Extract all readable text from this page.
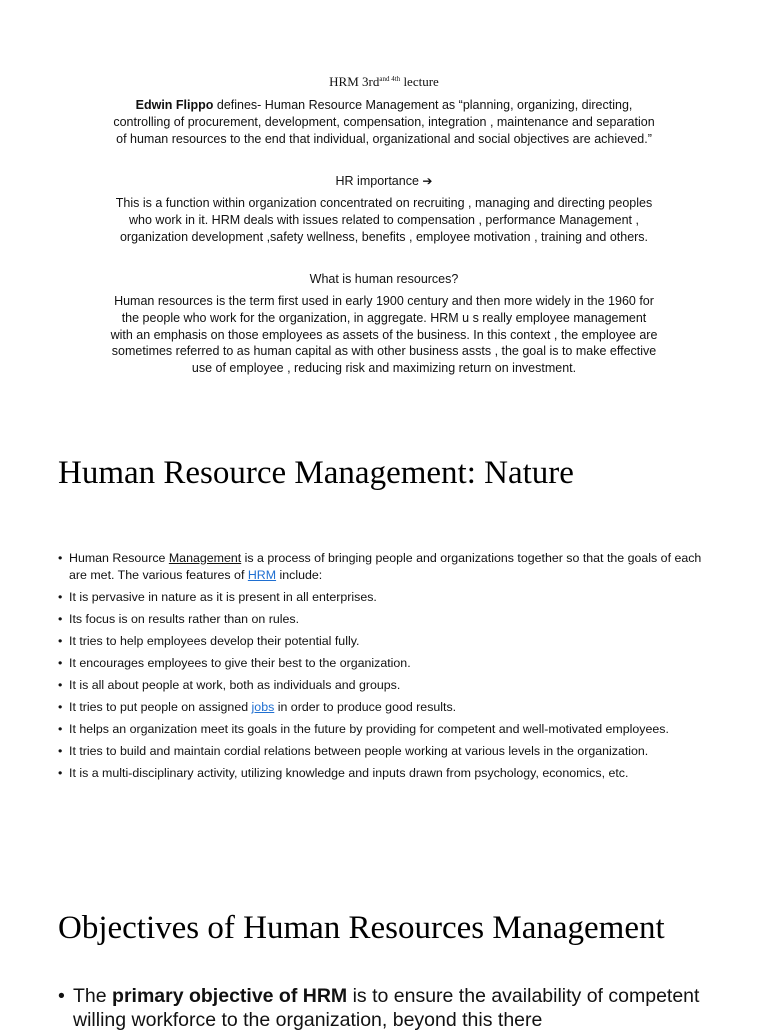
HRM $3rd^{and 4th}$ lecture
Edwin Flippo defines- Human Resource Management as “planning, organizing, directing, controlling of procurement, development, compensation, integration , maintenance and separation of human resources to the end that individual, organizational and social objectives are achieved.”
HR importance ➔
This is a function within organization concentrated on recruiting , managing and directing peoples who work in it. HRM deals with issues related to compensation , performance Management , organization development ,safety wellness, benefits , employee motivation , training and others.
What is human resources?
Human resources is the term first used in early 1900 century and then more widely in the 1960 for the people who work for the organization, in aggregate. HRM u s really employee management with an emphasis on those employees as assets of the business. In this context , the employee are sometimes referred to as human capital as with other business assts , the goal is to make effective use of employee , reducing risk and maximizing return on investment.
Human Resource Management: Nature
• Human Resource Management is a process of bringing people and organizations together so that the goals of each are met. The various features of HRM include:
• It is pervasive in nature as it is present in all enterprises.
• Its focus is on results rather than on rules.
• It tries to help employees develop their potential fully.
• It encourages employees to give their best to the organization.
• It is all about people at work, both as individuals and groups.
• It tries to put people on assigned jobs in order to produce good results.
• It helps an organization meet its goals in the future by providing for competent and well-motivated employees.
• It tries to build and maintain cordial relations between people working at various levels in the organization.
• It is a multi-disciplinary activity, utilizing knowledge and inputs drawn from psychology, economics, etc.
Objectives of Human Resources Management
• The primary objective of HRM is to ensure the availability of competent willing workforce to the organization, beyond this there
